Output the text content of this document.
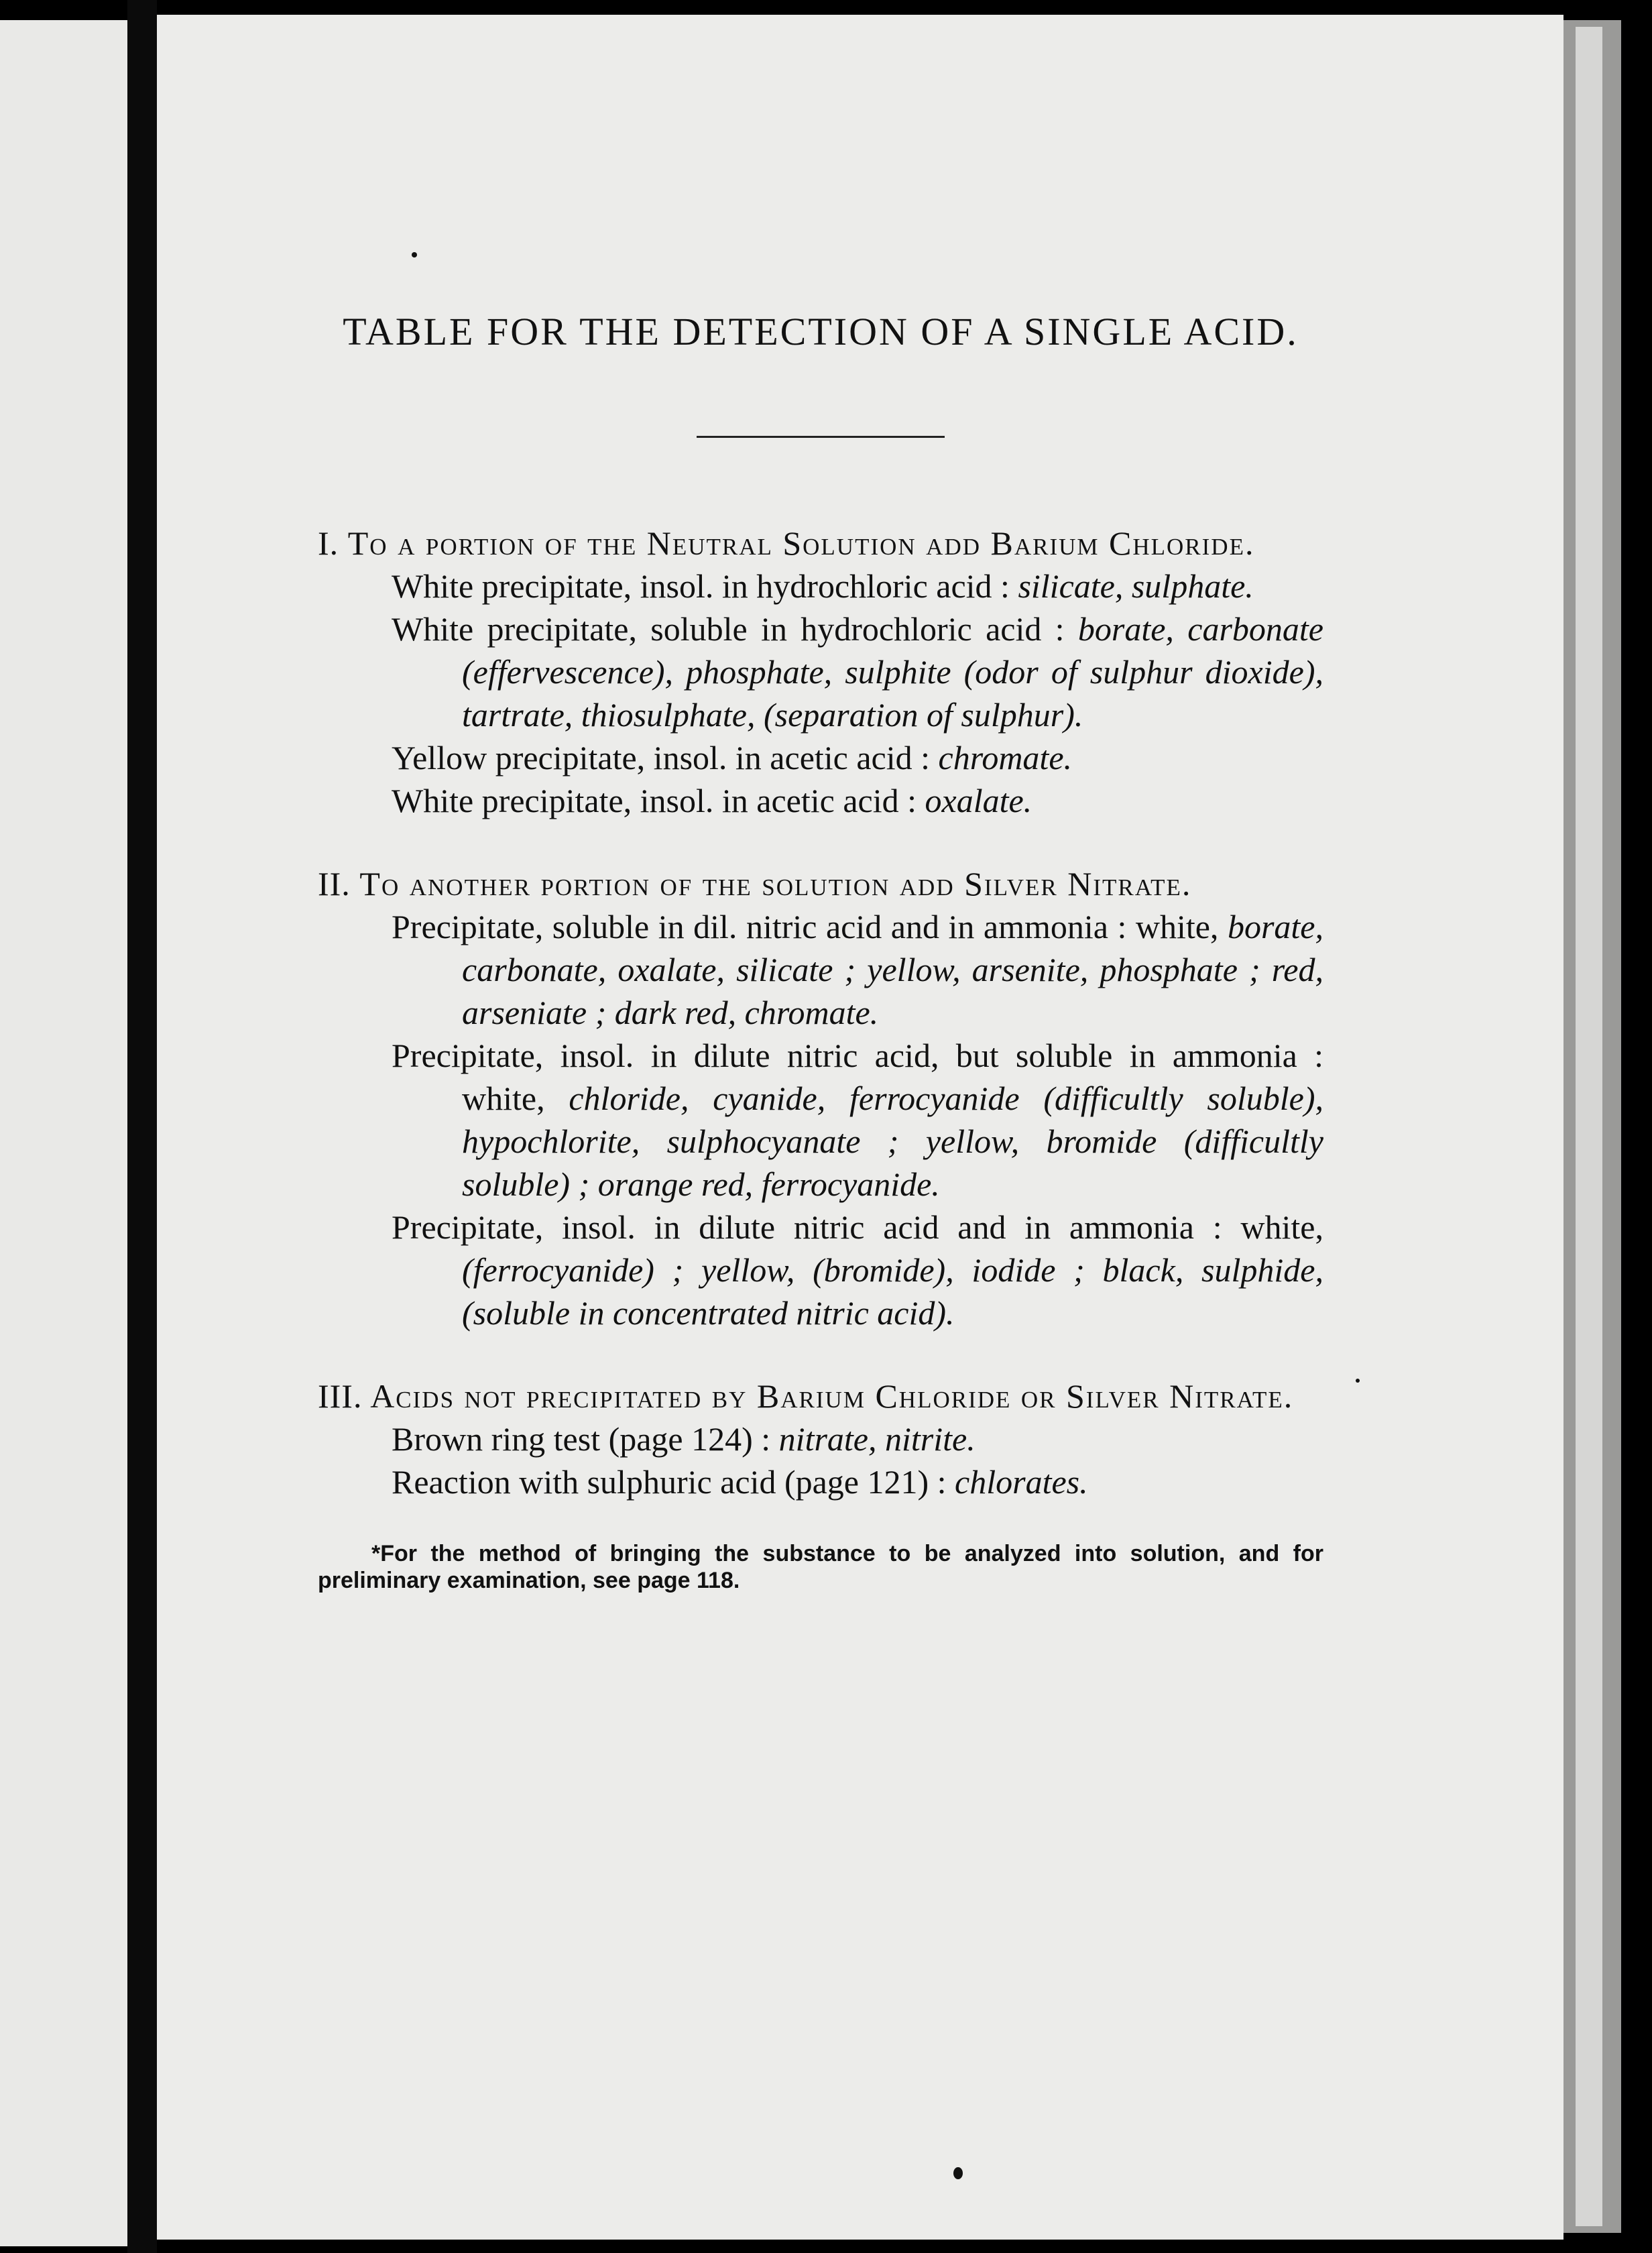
TABLE FOR THE DETECTION OF A SINGLE ACID.
I. To a portion of the Neutral Solution add Barium Chloride.
White precipitate, insol. in hydrochloric acid : silicate, sulphate.
White precipitate, soluble in hydrochloric acid : borate, carbonate (effervescence), phosphate, sulphite (odor of sulphur dioxide), tartrate, thiosulphate, (separation of sulphur).
Yellow precipitate, insol. in acetic acid : chromate.
White precipitate, insol. in acetic acid : oxalate.
II. To another portion of the solution add Silver Nitrate.
Precipitate, soluble in dil. nitric acid and in ammonia : white, borate, carbonate, oxalate, silicate ; yellow, arsenite, phosphate ; red, arseniate ; dark red, chromate.
Precipitate, insol. in dilute nitric acid, but soluble in ammonia : white, chloride, cyanide, ferrocyanide (difficultly soluble), hypochlorite, sulphocyanate ; yellow, bromide (difficultly soluble) ; orange red, ferrocyanide.
Precipitate, insol. in dilute nitric acid and in ammonia : white, (ferrocyanide) ; yellow, (bromide), iodide ; black, sulphide, (soluble in concentrated nitric acid).
III. Acids not precipitated by Barium Chloride or Silver Nitrate.
Brown ring test (page 124) : nitrate, nitrite.
Reaction with sulphuric acid (page 121) : chlorates.
*For the method of bringing the substance to be analyzed into solution, and for preliminary examination, see page 118.
